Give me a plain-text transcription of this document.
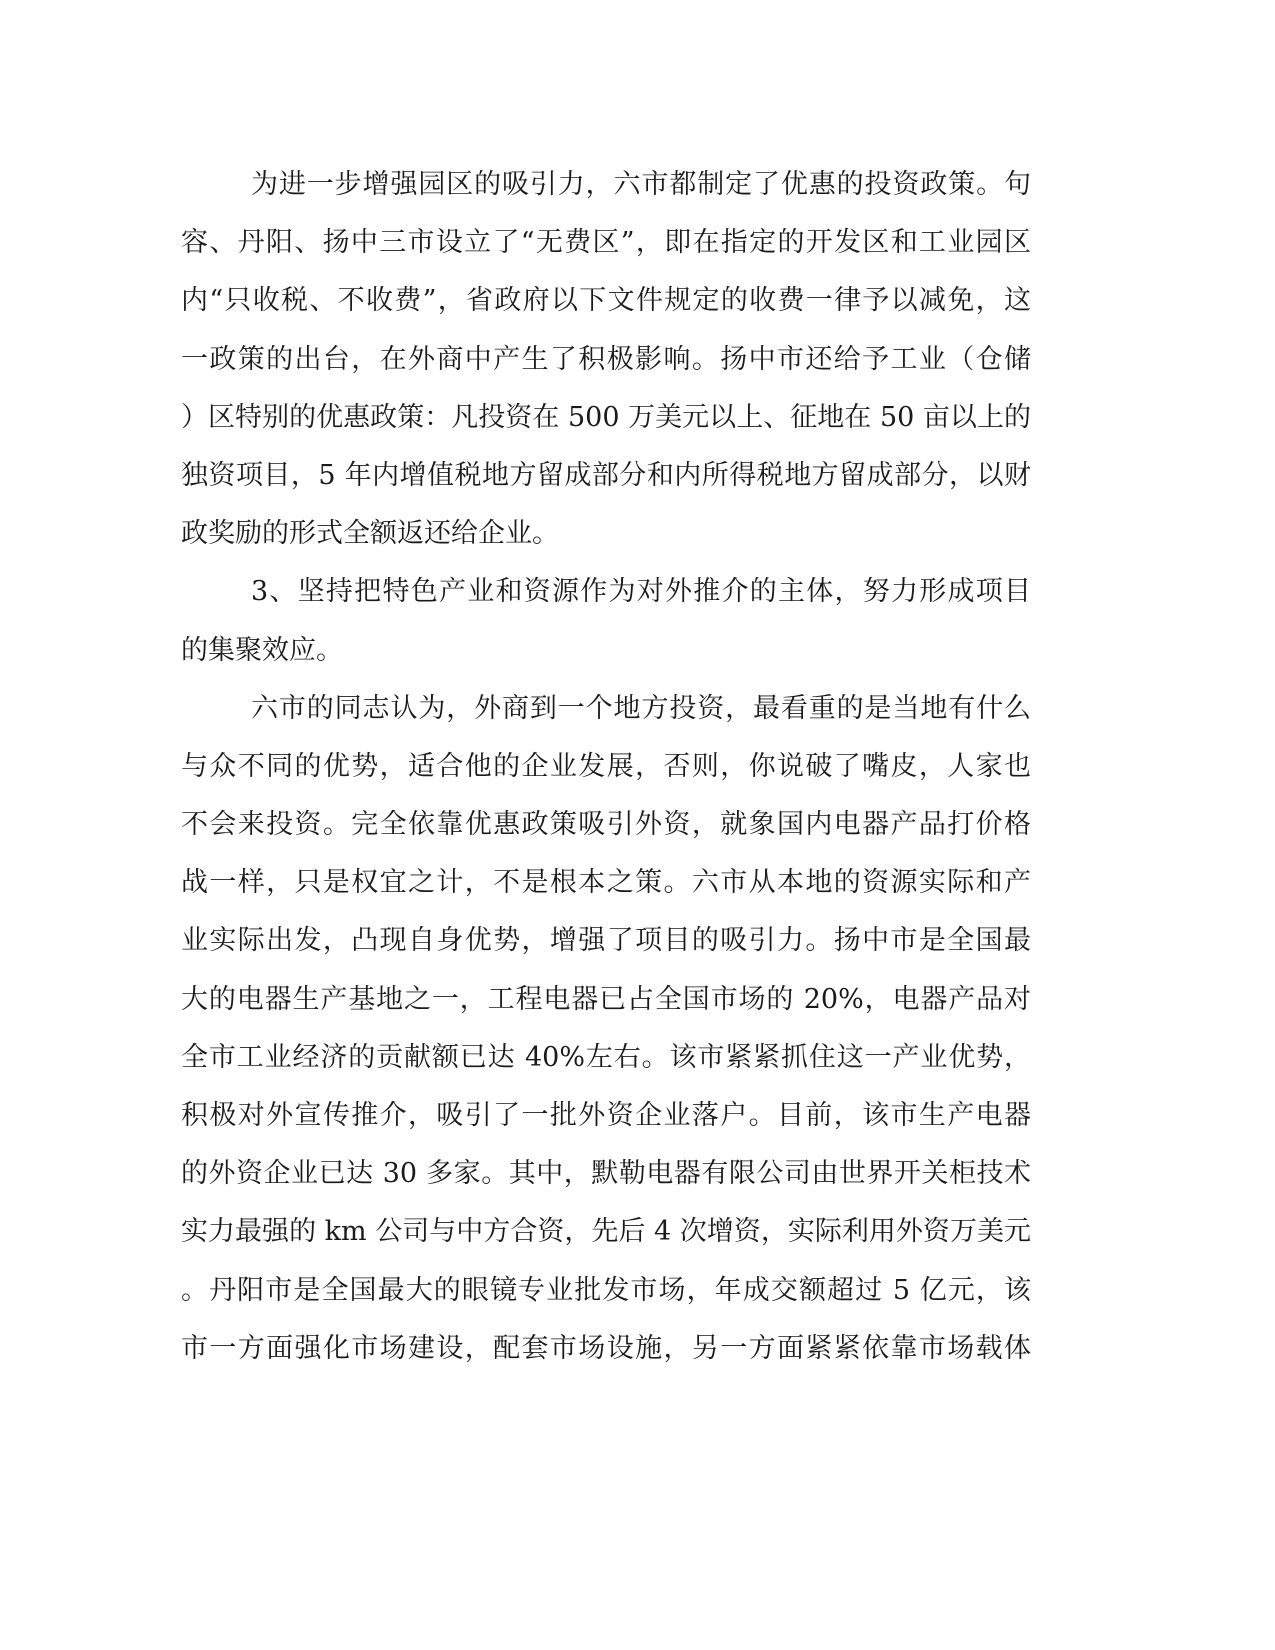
为进一步增强园区的吸引力，六市都制定了优惠的投资政策。句
容、丹阳、扬中三市设立了“无费区”，即在指定的开发区和工业园区
内“只收税、不收费”，省政府以下文件规定的收费一律予以减免，这
一政策的出台，在外商中产生了积极影响。扬中市还给予工业（仓储
）区特别的优惠政策：凡投资在 500 万美元以上、征地在 50 亩以上的
独资项目，5 年内增值税地方留成部分和内所得税地方留成部分，以财
政奖励的形式全额返还给企业。
3、坚持把特色产业和资源作为对外推介的主体，努力形成项目
的集聚效应。
六市的同志认为，外商到一个地方投资，最看重的是当地有什么
与众不同的优势，适合他的企业发展，否则，你说破了嘴皮，人家也
不会来投资。完全依靠优惠政策吸引外资，就象国内电器产品打价格
战一样，只是权宜之计，不是根本之策。六市从本地的资源实际和产
业实际出发，凸现自身优势，增强了项目的吸引力。扬中市是全国最
大的电器生产基地之一，工程电器已占全国市场的 20%，电器产品对
全市工业经济的贡献额已达 40%左右。该市紧紧抓住这一产业优势，
积极对外宣传推介，吸引了一批外资企业落户。目前，该市生产电器
的外资企业已达 30 多家。其中，默勒电器有限公司由世界开关柜技术
实力最强的 km 公司与中方合资，先后 4 次增资，实际利用外资万美元
。丹阳市是全国最大的眼镜专业批发市场，年成交额超过 5 亿元，该
市一方面强化市场建设，配套市场设施，另一方面紧紧依靠市场载体
